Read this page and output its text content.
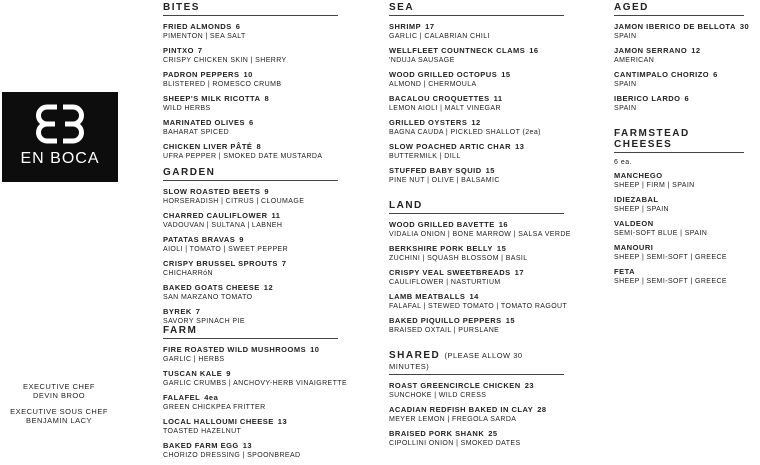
EN BOCA
EXECUTIVE CHEF
DEVIN BROO
EXECUTIVE SOUS CHEF
BENJAMIN LACY
BITES
FRIED ALMONDS 6
PIMENTON | SEA SALT
PINTXO 7
CRISPY CHICKEN SKIN | SHERRY
PADRON PEPPERS 10
BLISTERED | ROMESCO CRUMB
SHEEP'S MILK RICOTTA 8
WILD HERBS
MARINATED OLIVES 6
BAHARAT SPICED
CHICKEN LIVER PÂTÉ 8
UFRA PEPPER | SMOKED DATE MUSTARDA
GARDEN
SLOW ROASTED BEETS 9
HORSERADISH | CITRUS | CLOUMAGE
CHARRED CAULIFLOWER 11
VADOUVAN | SULTANA | LABNEH
PATATAS BRAVAS 9
AIOLI | TOMATO | SWEET PEPPER
CRISPY BRUSSEL SPROUTS 7
CHICHARRóN
BAKED GOATS CHEESE 12
SAN MARZANO TOMATO
BYREK 7
SAVORY SPINACH PIE
FARM
FIRE ROASTED WILD MUSHROOMS 10
GARLIC | HERBS
TUSCAN KALE 9
GARLIC CRUMBS | ANCHOVY-HERB VINAIGRETTE
FALAFEL 4ea
GREEN CHICKPEA FRITTER
LOCAL HALLOUMI CHEESE 13
TOASTED HAZELNUT
BAKED FARM EGG 13
CHORIZO DRESSING | SPOONBREAD
SEA
SHRIMP 17
GARLIC | CALABRIAN CHILI
WELLFLEET COUNTNECK CLAMS 16
'NDUJA SAUSAGE
WOOD GRILLED OCTOPUS 15
ALMOND | CHERMOULA
BACALOU CROQUETTES 11
LEMON AIOLI | MALT VINEGAR
GRILLED OYSTERS 12
BAGNA CAUDA | PICKLED SHALLOT (2ea)
SLOW POACHED ARTIC CHAR 13
BUTTERMILK | DILL
STUFFED BABY SQUID 15
PINE NUT | OLIVE | BALSAMIC
LAND
WOOD GRILLED BAVETTE 16
VIDALIA ONION | BONE MARROW | SALSA VERDE
BERKSHIRE PORK BELLY 15
ZUCHINI | SQUASH BLOSSOM | BASIL
CRISPY VEAL SWEETBREADS 17
CAULIFLOWER | NASTURTIUM
LAMB MEATBALLS 14
FALAFAL | STEWED TOMATO | TOMATO RAGOUT
BAKED PIQUILLO PEPPERS 15
BRAISED OXTAIL | PURSLANE
SHARED (PLEASE ALLOW 30 MINUTES)
ROAST GREENCIRCLE CHICKEN 23
SUNCHOKE | WILD CRESS
ACADIAN REDFISH BAKED IN CLAY 28
MEYER LEMON | FREGOLA SARDA
BRAISED PORK SHANK 25
CIPOLLINI ONION | SMOKED DATES
AGED
JAMON IBERICO DE BELLOTA 30
SPAIN
JAMON SERRANO 12
AMERICAN
CANTIMPALO CHORIZO 6
SPAIN
IBERICO LARDO 6
SPAIN
FARMSTEAD CHEESES
6 ea.
MANCHEGO
SHEEP | FIRM | SPAIN
IDIEZABAL
SHEEP | SPAIN
VALDEON
SEMI-SOFT BLUE | SPAIN
MANOURI
SHEEP | SEMI-SOFT | GREECE
FETA
SHEEP | SEMI-SOFT | GREECE
